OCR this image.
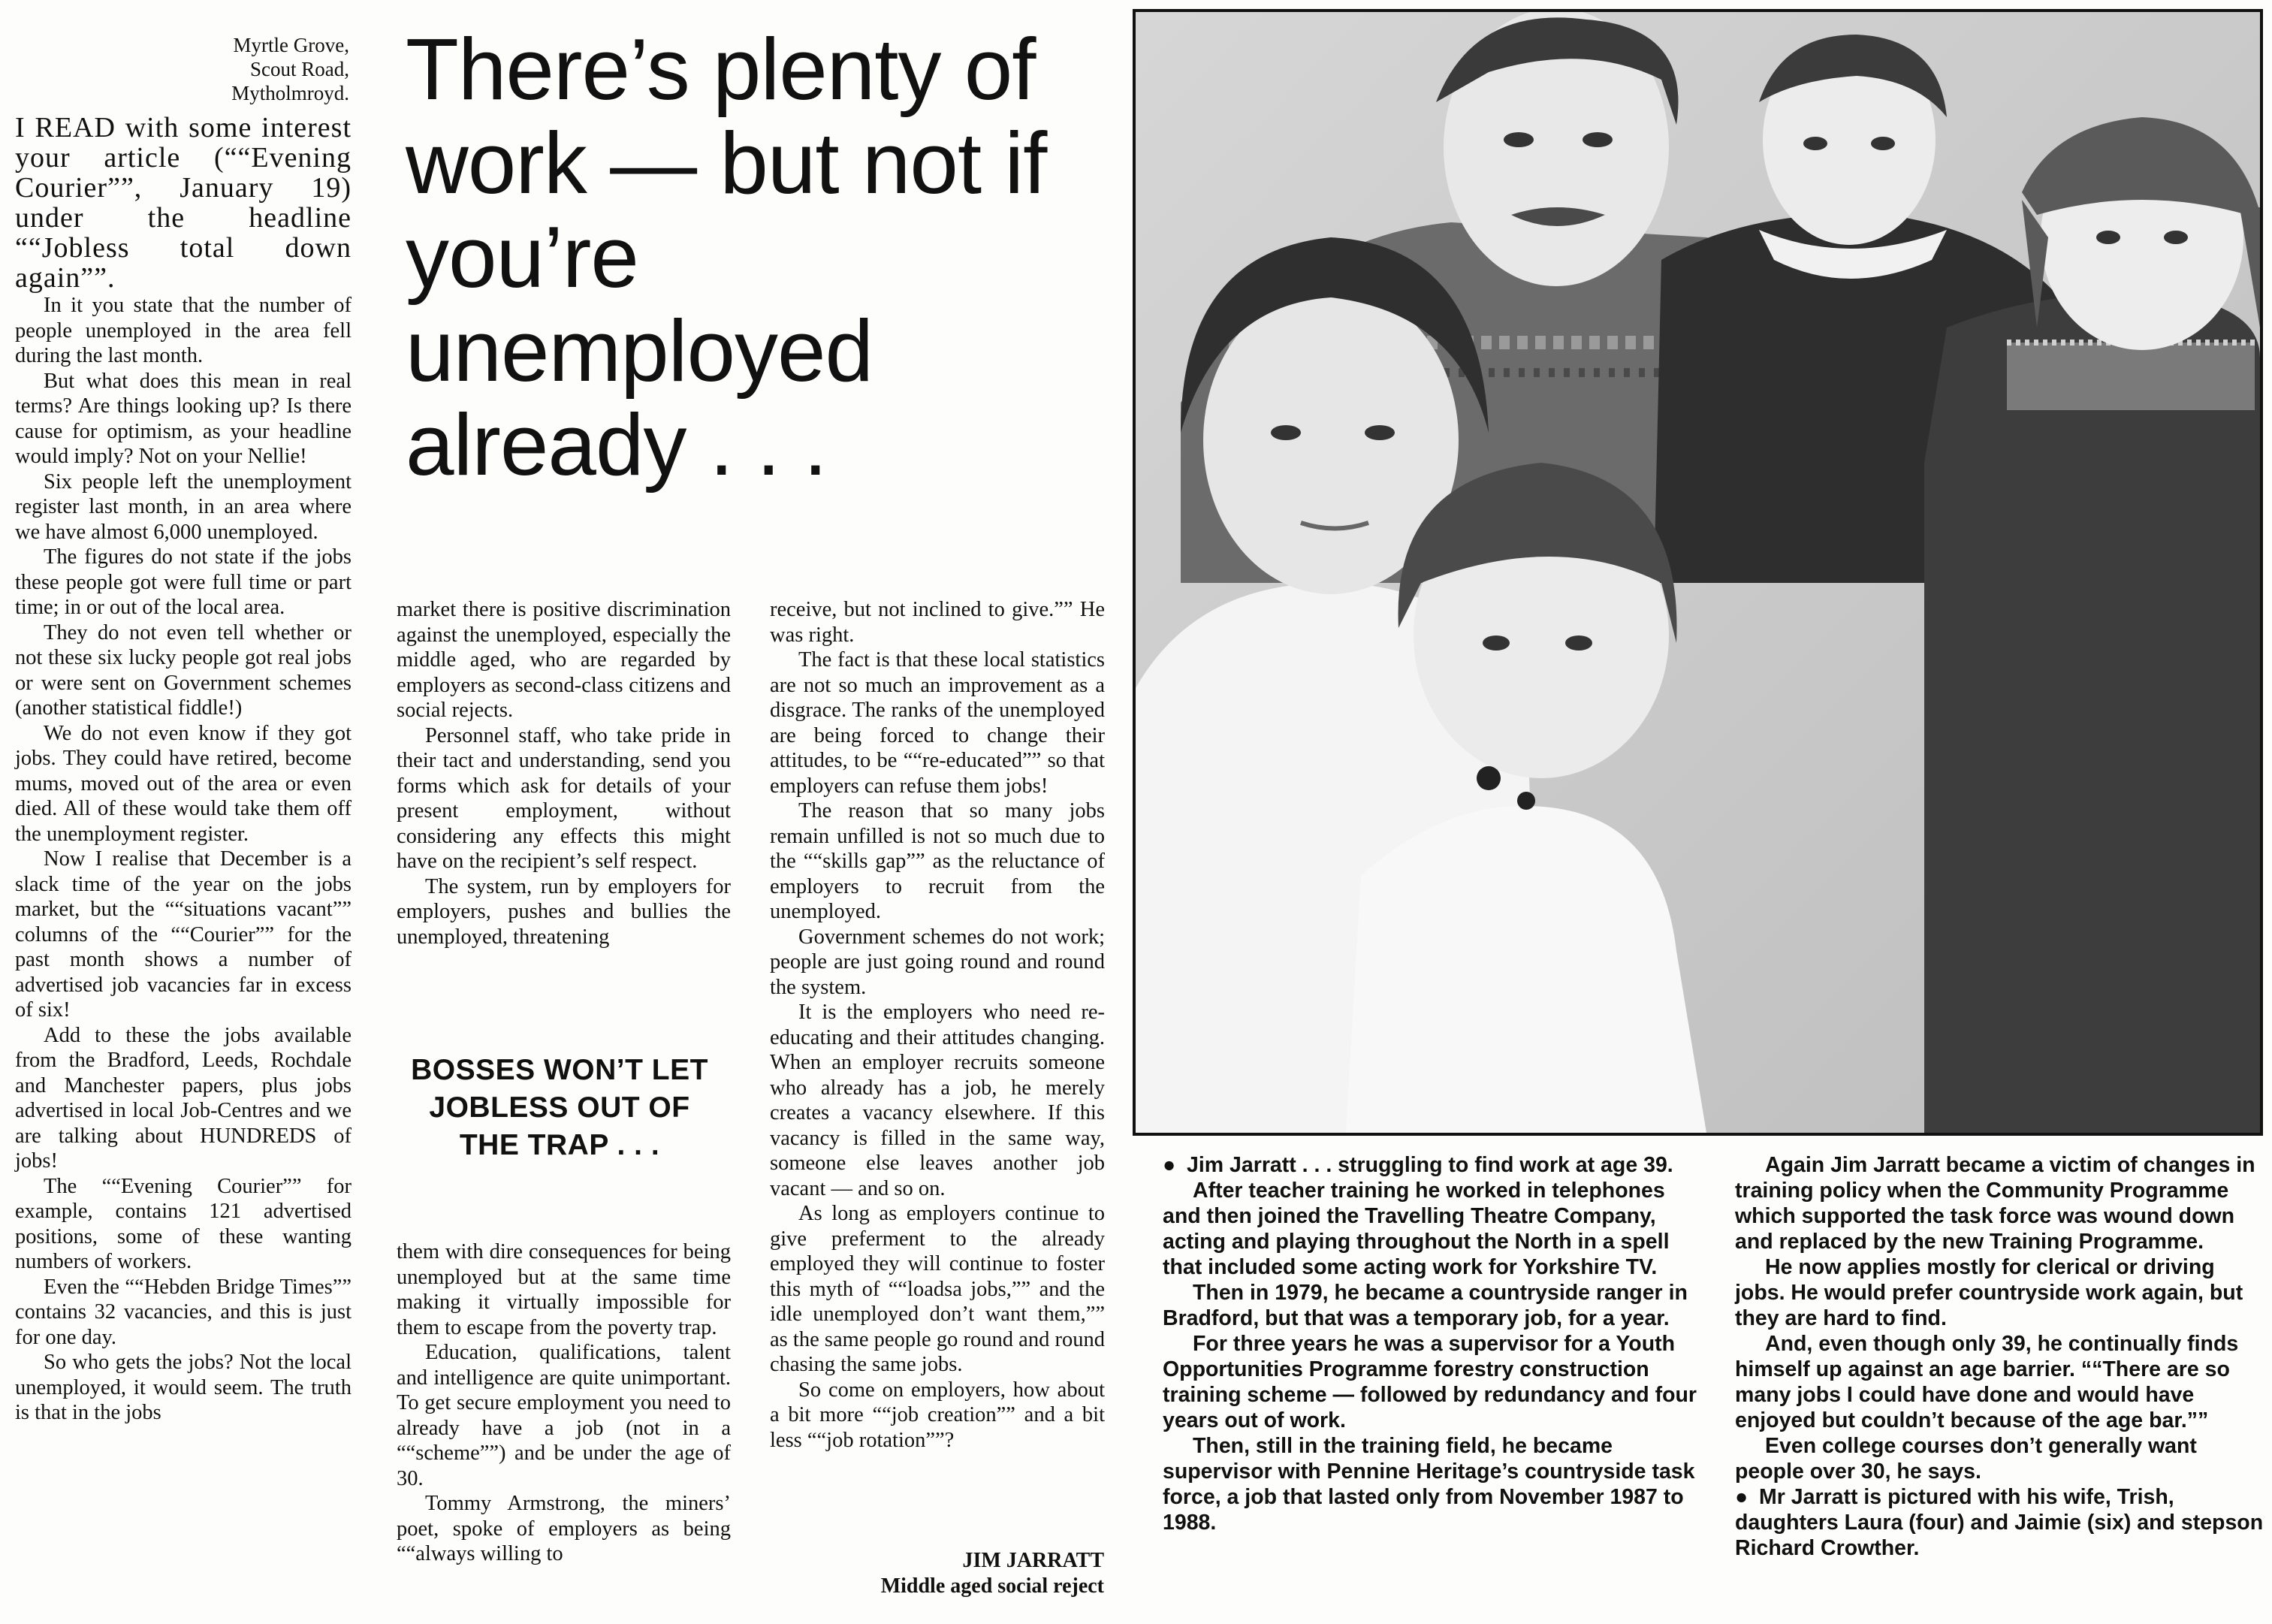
Myrtle Grove,
Scout Road,
Mytholmroyd.

I READ with some interest your article (““Evening Courier””, January 19) under the headline ““Jobless total down again””.

In it you state that the number of people unemployed in the area fell during the last month.

But what does this mean in real terms? Are things looking up? Is there cause for optimism, as your headline would imply? Not on your Nellie!

Six people left the unemployment register last month, in an area where we have almost 6,000 unemployed.

The figures do not state if the jobs these people got were full time or part time; in or out of the local area.

They do not even tell whether or not these six lucky people got real jobs or were sent on Government schemes (another statistical fiddle!)

We do not even know if they got jobs. They could have retired, become mums, moved out of the area or even died. All of these would take them off the unemployment register.

Now I realise that December is a slack time of the year on the jobs market, but the ““situations vacant”” columns of the ““Courier”” for the past month shows a number of advertised job vacancies far in excess of six!

Add to these the jobs available from the Bradford, Leeds, Rochdale and Manchester papers, plus jobs advertised in local Job-Centres and we are talking about HUNDREDS of jobs!

The ““Evening Courier”” for example, contains 121 advertised positions, some of these wanting numbers of workers.

Even the ““Hebden Bridge Times”” contains 32 vacancies, and this is just for one day.

So who gets the jobs? Not the local unemployed, it would seem. The truth is that in the jobs

There’s plenty of work — but not if you’re unemployed already . . .

market there is positive discrimination against the unemployed, especially the middle aged, who are regarded by employers as second-class citizens and social rejects.

Personnel staff, who take pride in their tact and understanding, send you forms which ask for details of your present employment, without considering any effects this might have on the recipient’s self respect.

The system, run by employers for employers, pushes and bullies the unemployed, threatening

BOSSES WON’T LET JOBLESS OUT OF THE TRAP . . .

them with dire consequences for being unemployed but at the same time making it virtually impossible for them to escape from the poverty trap.

Education, qualifications, talent and intelligence are quite unimportant. To get secure employment you need to already have a job (not in a ““scheme””) and be under the age of 30.

Tommy Armstrong, the miners’ poet, spoke of employers as being ““always willing to

receive, but not inclined to give.”” He was right.

The fact is that these local statistics are not so much an improvement as a disgrace. The ranks of the unemployed are being forced to change their attitudes, to be ““re-educated”” so that employers can refuse them jobs!

The reason that so many jobs remain unfilled is not so much due to the ““skills gap”” as the reluctance of employers to recruit from the unemployed.

Government schemes do not work; people are just going round and round the system.

It is the employers who need re-educating and their attitudes changing. When an employer recruits someone who already has a job, he merely creates a vacancy elsewhere. If this vacancy is filled in the same way, someone else leaves another job vacant — and so on.

As long as employers continue to give preferment to the already employed they will continue to foster this myth of ““loadsa jobs,”” and the idle unemployed don’t want them,”” as the same people go round and round chasing the same jobs.

So come on employers, how about a bit more ““job creation”” and a bit less ““job rotation””?

JIM JARRATT
Middle aged social reject

● Jim Jarratt . . . struggling to find work at age 39.

After teacher training he worked in telephones and then joined the Travelling Theatre Company, acting and playing throughout the North in a spell that included some acting work for Yorkshire TV.

Then in 1979, he became a countryside ranger in Bradford, but that was a temporary job, for a year.

For three years he was a supervisor for a Youth Opportunities Programme forestry construction training scheme — followed by redundancy and four years out of work.

Then, still in the training field, he became supervisor with Pennine Heritage’s countryside task force, a job that lasted only from November 1987 to 1988.

Again Jim Jarratt became a victim of changes in training policy when the Community Programme which supported the task force was wound down and replaced by the new Training Programme.

He now applies mostly for clerical or driving jobs. He would prefer countryside work again, but they are hard to find.

And, even though only 39, he continually finds himself up against an age barrier. ““There are so many jobs I could have done and would have enjoyed but couldn’t because of the age bar.””

Even college courses don’t generally want people over 30, he says.

● Mr Jarratt is pictured with his wife, Trish, daughters Laura (four) and Jaimie (six) and stepson Richard Crowther.
